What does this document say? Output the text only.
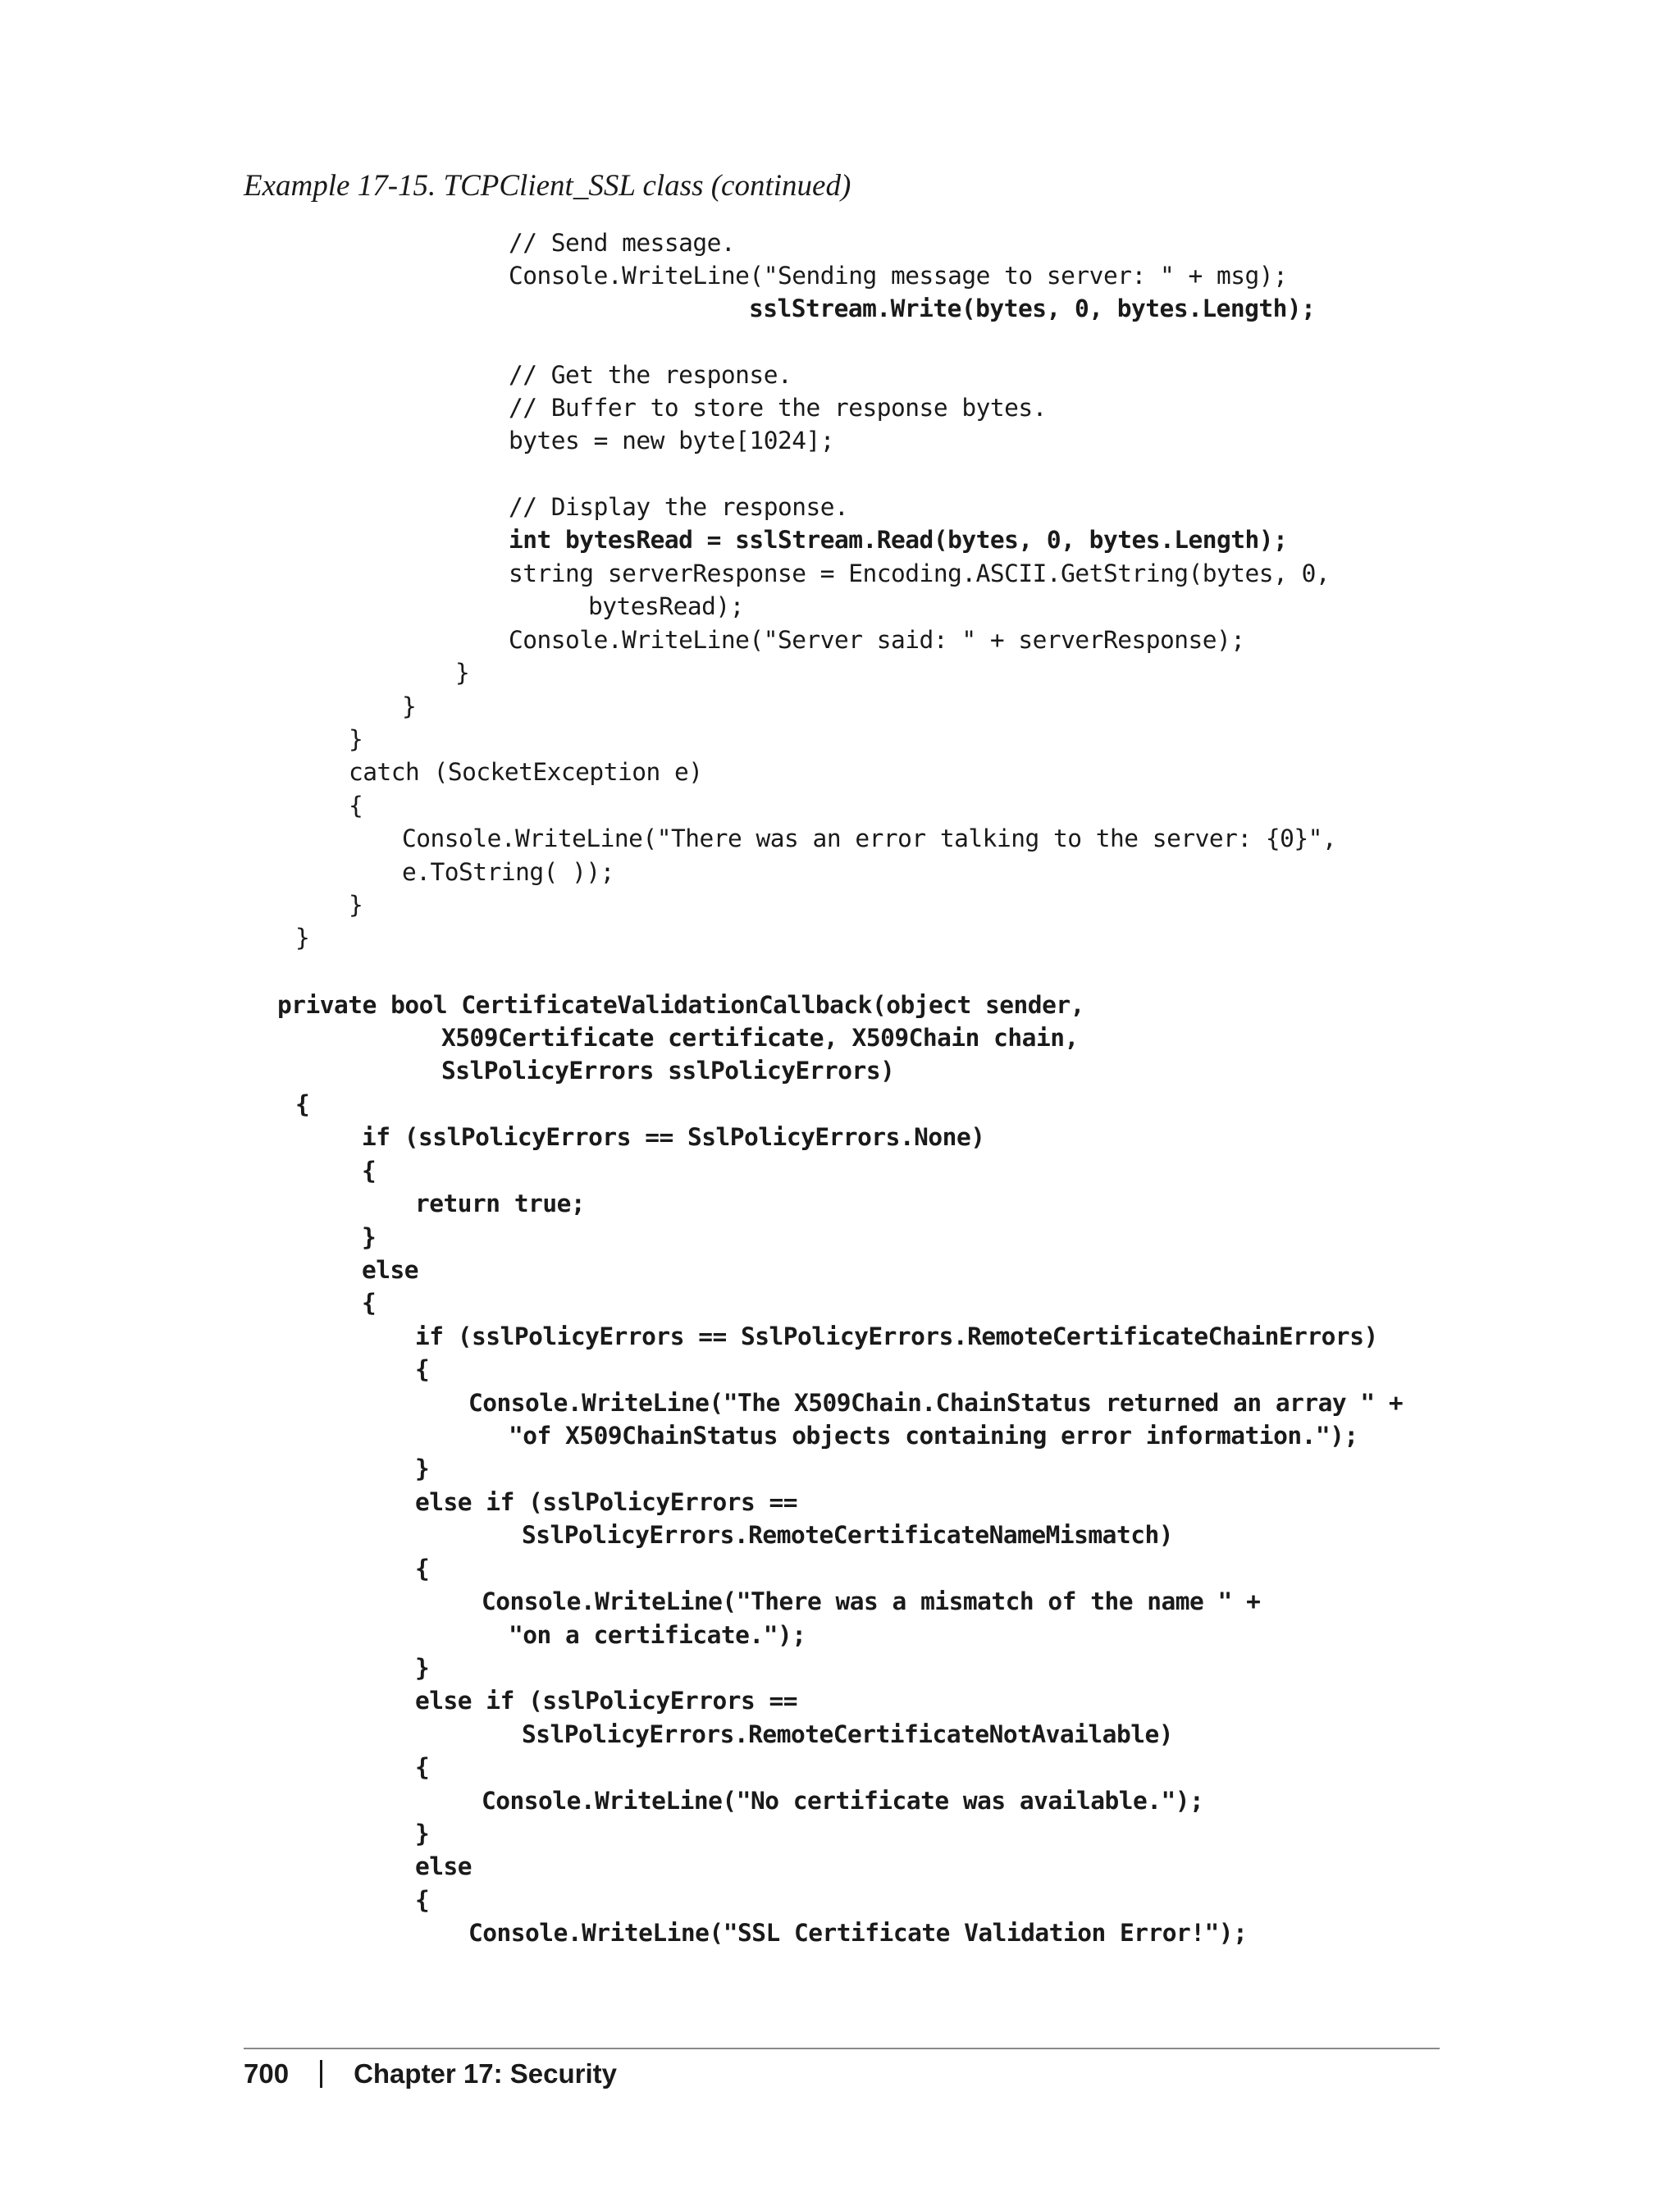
Example 17-15. TCPClient_SSL class (continued)
// Send message.
Console.WriteLine("Sending message to server: " + msg);
sslStream.Write(bytes, 0, bytes.Length);
// Get the response.
// Buffer to store the response bytes.
bytes = new byte[1024];
// Display the response.
int bytesRead = sslStream.Read(bytes, 0, bytes.Length);
string serverResponse = Encoding.ASCII.GetString(bytes, 0,
bytesRead);
Console.WriteLine("Server said: " + serverResponse);
}
}
}
catch (SocketException e)
{
Console.WriteLine("There was an error talking to the server: {0}",
e.ToString( ));
}
}
private bool CertificateValidationCallback(object sender,
X509Certificate certificate, X509Chain chain,
SslPolicyErrors sslPolicyErrors)
{
if (sslPolicyErrors == SslPolicyErrors.None)
{
return true;
}
else
{
if (sslPolicyErrors == SslPolicyErrors.RemoteCertificateChainErrors)
{
Console.WriteLine("The X509Chain.ChainStatus returned an array " +
"of X509ChainStatus objects containing error information.");
}
else if (sslPolicyErrors ==
SslPolicyErrors.RemoteCertificateNameMismatch)
{
Console.WriteLine("There was a mismatch of the name " +
"on a certificate.");
}
else if (sslPolicyErrors ==
SslPolicyErrors.RemoteCertificateNotAvailable)
{
Console.WriteLine("No certificate was available.");
}
else
{
Console.WriteLine("SSL Certificate Validation Error!");
700 Chapter 17: Security
